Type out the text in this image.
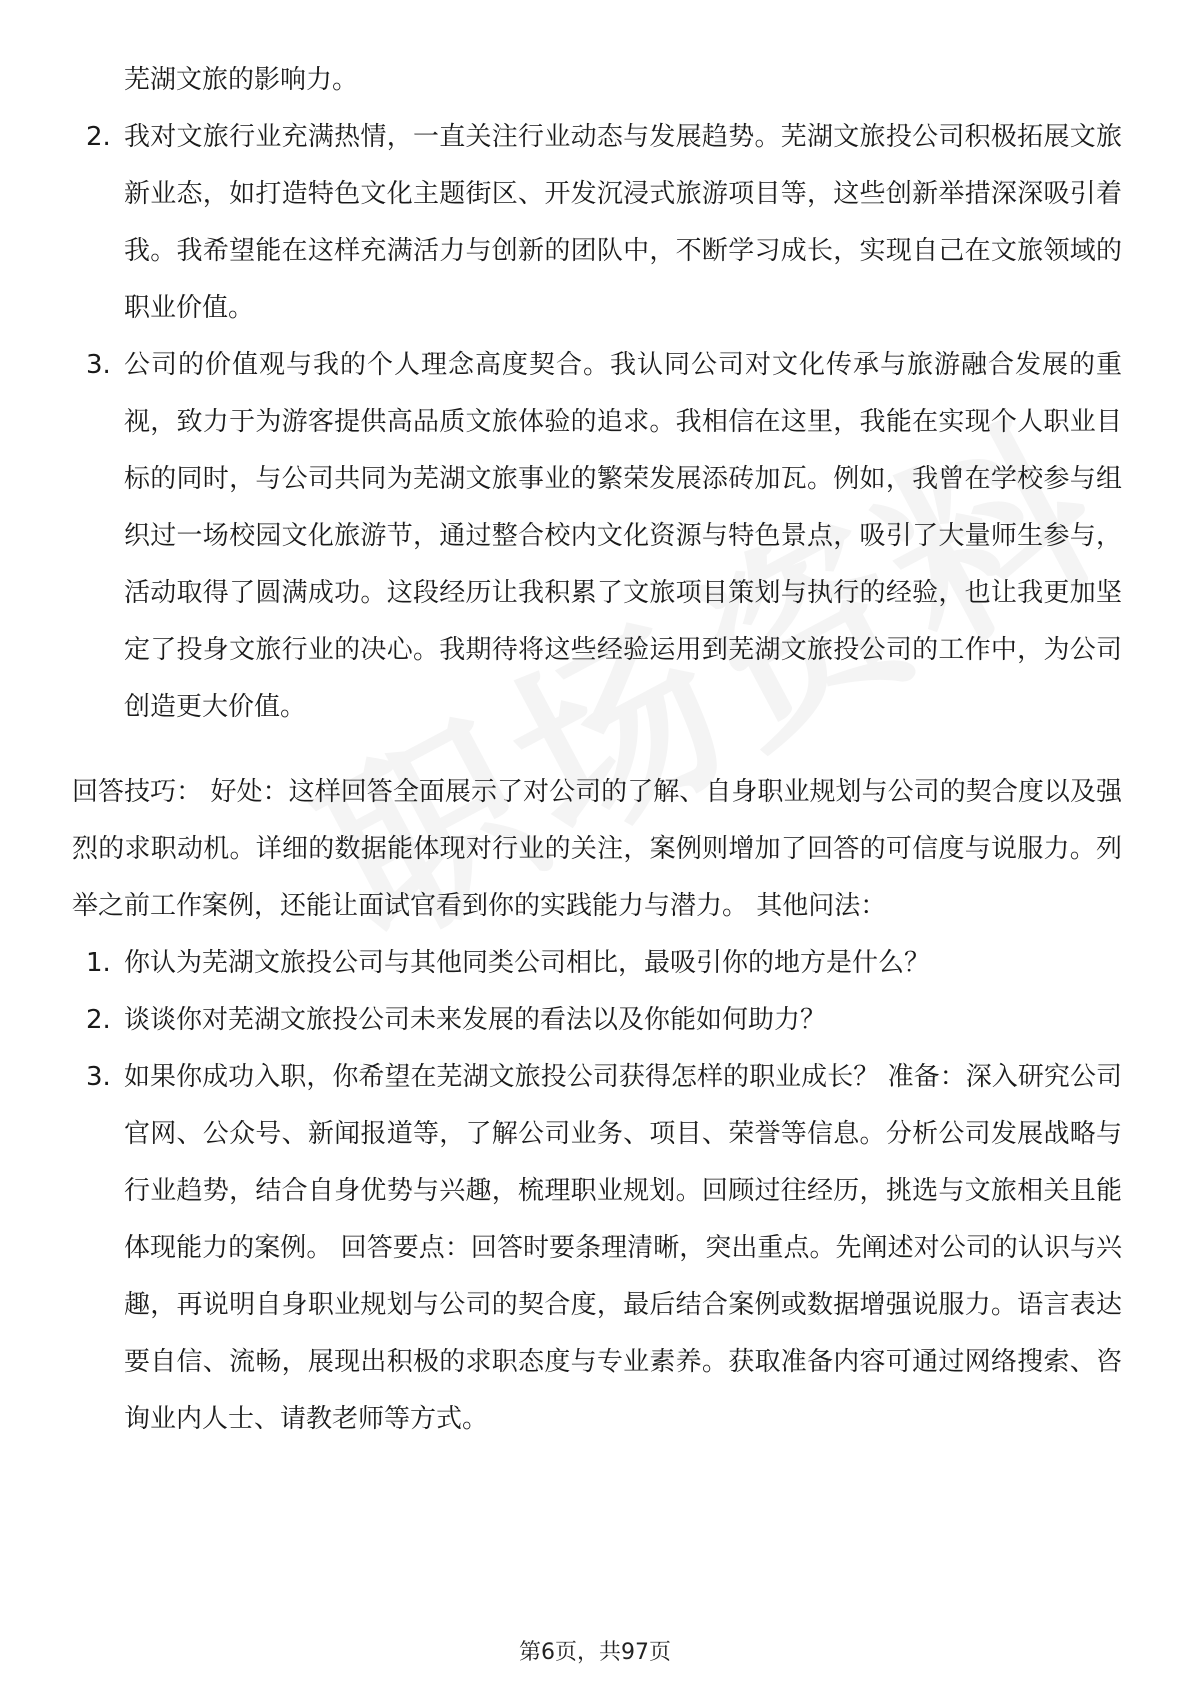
芜湖文旅的影响力。
2. 我对文旅行业充满热情，一直关注行业动态与发展趋势。芜湖文旅投公司积极拓展文旅新业态，如打造特色文化主题街区、开发沉浸式旅游项目等，这些创新举措深深吸引着我。我希望能在这样充满活力与创新的团队中，不断学习成长，实现自己在文旅领域的职业价值。
3. 公司的价值观与我的个人理念高度契合。我认同公司对文化传承与旅游融合发展的重视，致力于为游客提供高品质文旅体验的追求。我相信在这里，我能在实现个人职业目标的同时，与公司共同为芜湖文旅事业的繁荣发展添砖加瓦。例如，我曾在学校参与组织过一场校园文化旅游节，通过整合校内文化资源与特色景点，吸引了大量师生参与，活动取得了圆满成功。这段经历让我积累了文旅项目策划与执行的经验，也让我更加坚定了投身文旅行业的决心。我期待将这些经验运用到芜湖文旅投公司的工作中，为公司创造更大价值。
回答技巧： 好处：这样回答全面展示了对公司的了解、自身职业规划与公司的契合度以及强烈的求职动机。详细的数据能体现对行业的关注，案例则增加了回答的可信度与说服力。列举之前工作案例，还能让面试官看到你的实践能力与潜力。 其他问法：
1. 你认为芜湖文旅投公司与其他同类公司相比，最吸引你的地方是什么？
2. 谈谈你对芜湖文旅投公司未来发展的看法以及你能如何助力？
3. 如果你成功入职，你希望在芜湖文旅投公司获得怎样的职业成长？ 准备：深入研究公司官网、公众号、新闻报道等，了解公司业务、项目、荣誉等信息。分析公司发展战略与行业趋势，结合自身优势与兴趣，梳理职业规划。回顾过往经历，挑选与文旅相关且能体现能力的案例。 回答要点：回答时要条理清晰，突出重点。先阐述对公司的认识与兴趣，再说明自身职业规划与公司的契合度，最后结合案例或数据增强说服力。语言表达要自信、流畅，展现出积极的求职态度与专业素养。获取准备内容可通过网络搜索、咨询业内人士、请教老师等方式。
第6页，共97页
